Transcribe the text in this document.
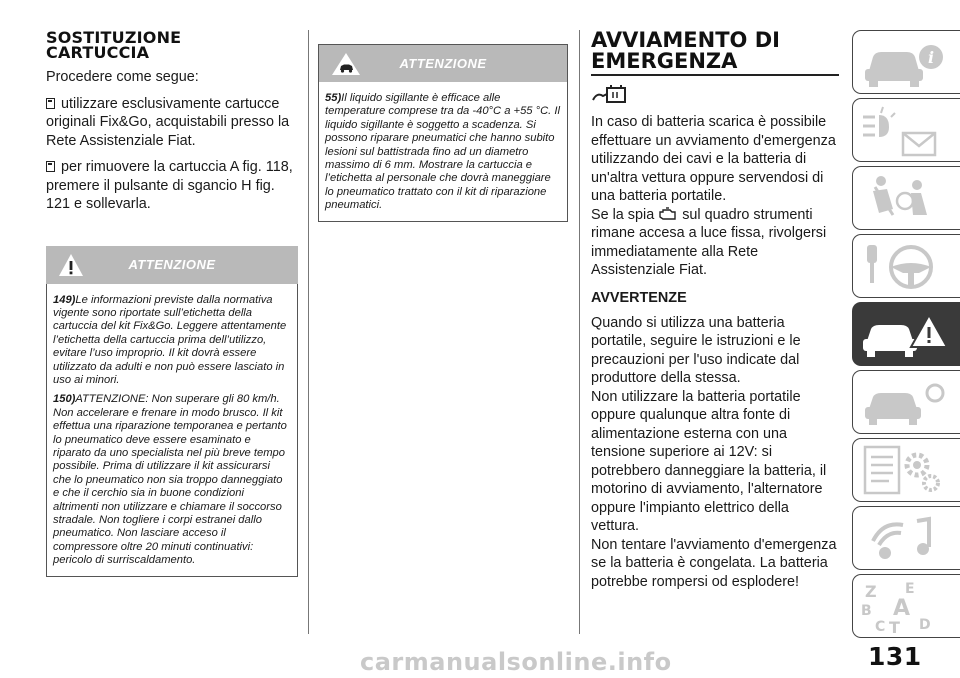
SOSTITUZIONE
CARTUCCIA
Procedere come segue:
utilizzare esclusivamente cartucce originali Fix&Go, acquistabili presso la Rete Assistenziale Fiat.
per rimuovere la cartuccia A fig. 118, premere il pulsante di sgancio H fig. 121 e sollevarla.
ATTENZIONE
149)Le informazioni previste dalla normativa vigente sono riportate sull’etichetta della cartuccia del kit Fix&Go. Leggere attentamente l’etichetta della cartuccia prima dell’utilizzo, evitare l’uso improprio. Il kit dovrà essere utilizzato da adulti e non può essere lasciato in uso ai minori.
150)ATTENZIONE: Non superare gli 80 km/h. Non accelerare e frenare in modo brusco. Il kit effettua una riparazione temporanea e pertanto lo pneumatico deve essere esaminato e riparato da uno specialista nel più breve tempo possibile. Prima di utilizzare il kit assicurarsi che lo pneumatico non sia troppo danneggiato e che il cerchio sia in buone condizioni altrimenti non utilizzare e chiamare il soccorso stradale. Non togliere i corpi estranei dallo pneumatico. Non lasciare acceso il compressore oltre 20 minuti continuativi: pericolo di surriscaldamento.
ATTENZIONE
55)Il liquido sigillante è efficace alle temperature comprese tra da -40°C a +55 °C. Il liquido sigillante è soggetto a scadenza. Si possono riparare pneumatici che hanno subito lesioni sul battistrada fino ad un diametro massimo di 6 mm. Mostrare la cartuccia e l’etichetta al personale che dovrà maneggiare lo pneumatico trattato con il kit di riparazione pneumatici.
AVVIAMENTO DI
EMERGENZA
In caso di batteria scarica è possibile effettuare un avviamento d'emergenza utilizzando dei cavi e la batteria di un'altra vettura oppure servendosi di una batteria portatile.
Se la spia sul quadro strumenti rimane accesa a luce fissa, rivolgersi immediatamente alla Rete Assistenziale Fiat.
AVVERTENZE
Quando si utilizza una batteria portatile, seguire le istruzioni e le precauzioni per l'uso indicate dal produttore della stessa.
Non utilizzare la batteria portatile oppure qualunque altra fonte di alimentazione esterna con una tensione superiore ai 12V: si potrebbero danneggiare la batteria, il motorino di avviamento, l'alternatore oppure l'impianto elettrico della vettura.
Non tentare l'avviamento d'emergenza se la batteria è congelata. La batteria potrebbe rompersi od esplodere!
i
Z E
B A
C T D
carmanualsonline.info	131
